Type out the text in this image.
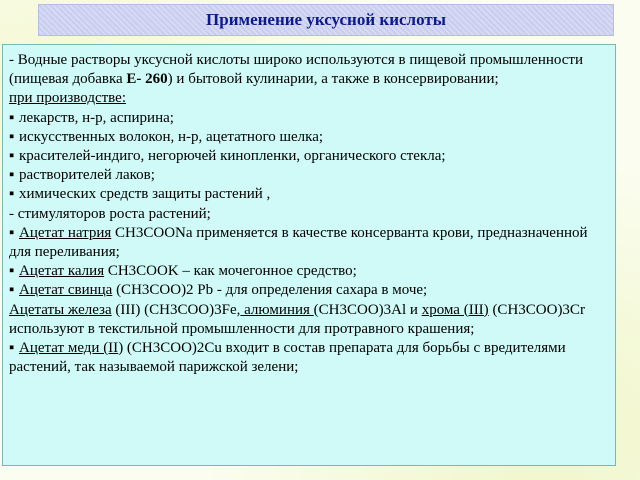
Применение уксусной кислоты

- Водные растворы уксусной кислоты широко используются в пищевой промышленности (пищевая добавка Е- 260) и бытовой кулинарии, а также в консервировании;

при производстве:

▪ лекарств, н-р, аспирина;

▪ искусственных волокон, н-р, ацетатного шелка;

▪ красителей-индиго, негорючей кинопленки, органического стекла;

▪ растворителей лаков;

▪ химических средств защиты растений ,

- стимуляторов роста растений;

▪ Ацетат натрия CH3COONa применяется в качестве консерванта крови, предназначенной для переливания;

▪ Ацетат калия CH3COOK – как мочегонное средство;

▪ Ацетат свинца (CH3COO)2 Pb - для определения сахара в моче;

Ацетаты железа (III) (CH3COO)3Fe, алюминия (CH3COO)3Al и хрома (III) (CH3COO)3Cr используют в текстильной промышленности для протравного крашения;

▪ Ацетат меди (II) (CH3COO)2Cu входит в состав препарата для борьбы с вредителями растений, так называемой парижской зелени;
